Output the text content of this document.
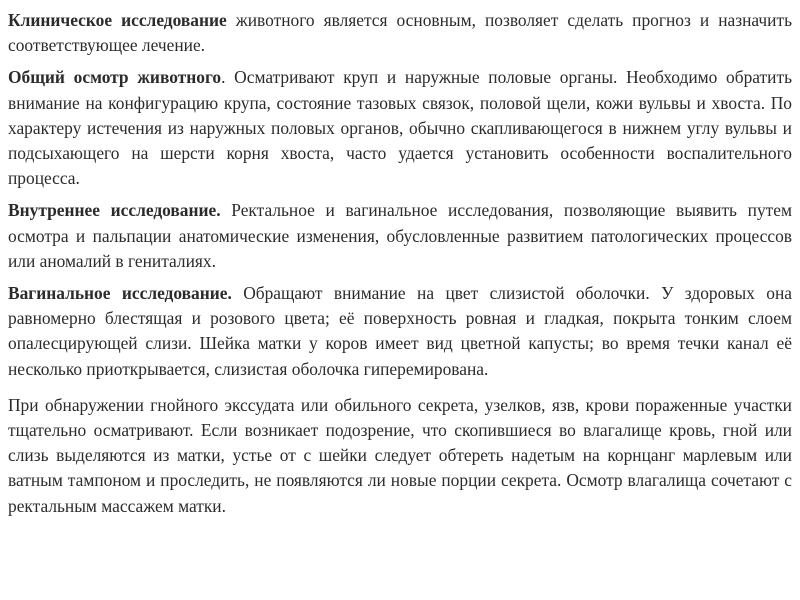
Клиническое исследование животного является основным, позволяет сделать прогноз и назначить соответствующее лечение.

Общий осмотр животного. Осматривают круп и наружные половые органы. Необходимо обратить внимание на конфигурацию крупа, состояние тазовых связок, половой щели, кожи вульвы и хвоста. По характеру истечения из наружных половых органов, обычно скапливающегося в нижнем углу вульвы и подсыхающего на шерсти корня хвоста, часто удается установить особенности воспалительного процесса.

Внутреннее исследование. Ректальное и вагинальное исследования, позволяющие выявить путем осмотра и пальпации анатомические изменения, обусловленные развитием патологических процессов или аномалий в гениталиях.

Вагинальное исследование. Обращают внимание на цвет слизистой оболочки. У здоровых она равномерно блестящая и розового цвета; её поверхность ровная и гладкая, покрыта тонким слоем опалесцирующей слизи. Шейка матки у коров имеет вид цветной капусты; во время течки канал её несколько приоткрывается, слизистая оболочка гиперемирована.

При обнаружении гнойного экссудата или обильного секрета, узелков, язв, крови пораженные участки тщательно осматривают. Если возникает подозрение, что скопившиеся во влагалище кровь, гной или слизь выделяются из матки, устье от с шейки следует обтереть надетым на корнцанг марлевым или ватным тампоном и проследить, не появляются ли новые порции секрета. Осмотр влагалища сочетают с ректальным массажем матки.
